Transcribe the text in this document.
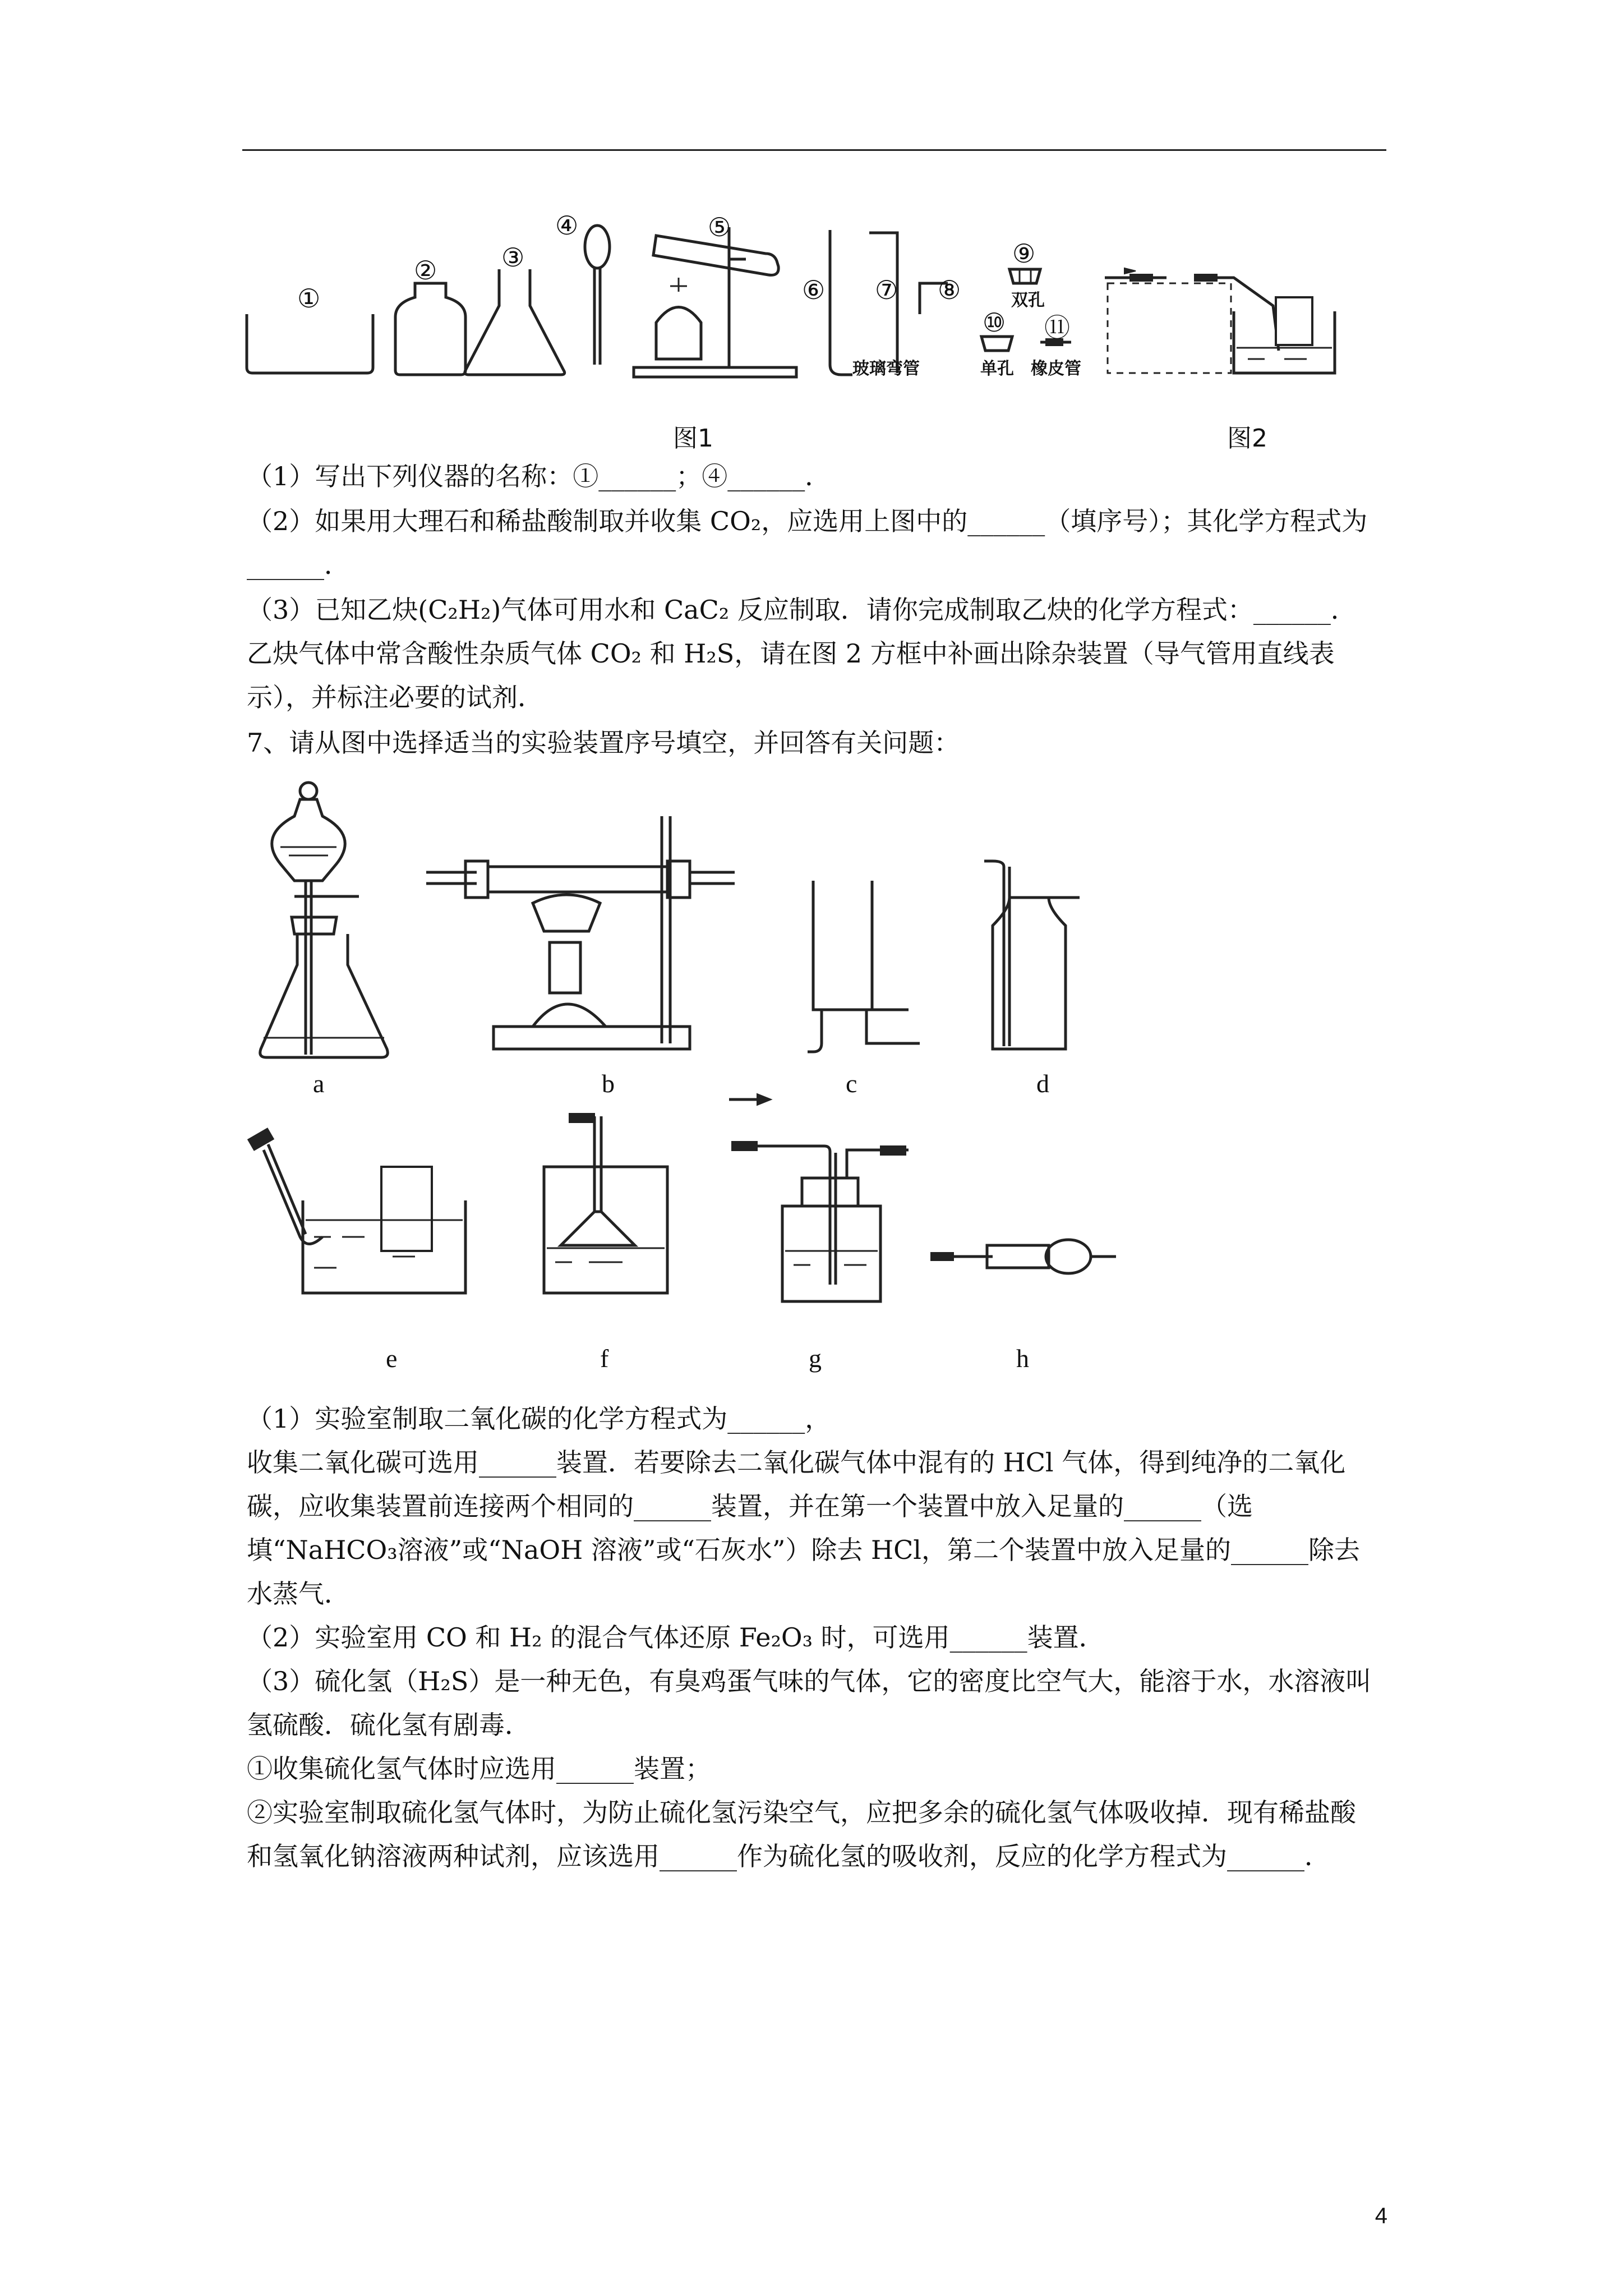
①
② ③
④	⑤
⑥ ⑦ ⑧
⑨
双孔
⑩ ⑪
单孔 橡皮管
玻璃弯管
图1	图2

（1）写出下列仪器的名称：①______；④______．

（2）如果用大理石和稀盐酸制取并收集 CO₂，应选用上图中的______（填序号）；其化学方程式为______．

（3）已知乙炔(C₂H₂)气体可用水和 CaC₂ 反应制取．请你完成制取乙炔的化学方程式：______．乙炔气体中常含酸性杂质气体 CO₂ 和 H₂S，请在图 2 方框中补画出除杂装置（导气管用直线表示），并标注必要的试剂．

7、请从图中选择适当的实验装置序号填空，并回答有关问题：

a	b	c	d
e	f	g	h

（1）实验室制取二氧化碳的化学方程式为______，

收集二氧化碳可选用______装置．若要除去二氧化碳气体中混有的 HCl 气体，得到纯净的二氧化碳，应收集装置前连接两个相同的______装置，并在第一个装置中放入足量的______（选填“NaHCO₃溶液”或“NaOH 溶液”或“石灰水”）除去 HCl，第二个装置中放入足量的______除去水蒸气．

（2）实验室用 CO 和 H₂ 的混合气体还原 Fe₂O₃ 时，可选用______装置．

（3）硫化氢（H₂S）是一种无色，有臭鸡蛋气味的气体，它的密度比空气大，能溶于水，水溶液叫氢硫酸．硫化氢有剧毒．

①收集硫化氢气体时应选用______装置；

②实验室制取硫化氢气体时，为防止硫化氢污染空气，应把多余的硫化氢气体吸收掉．现有稀盐酸和氢氧化钠溶液两种试剂，应该选用______作为硫化氢的吸收剂，反应的化学方程式为______．

4
